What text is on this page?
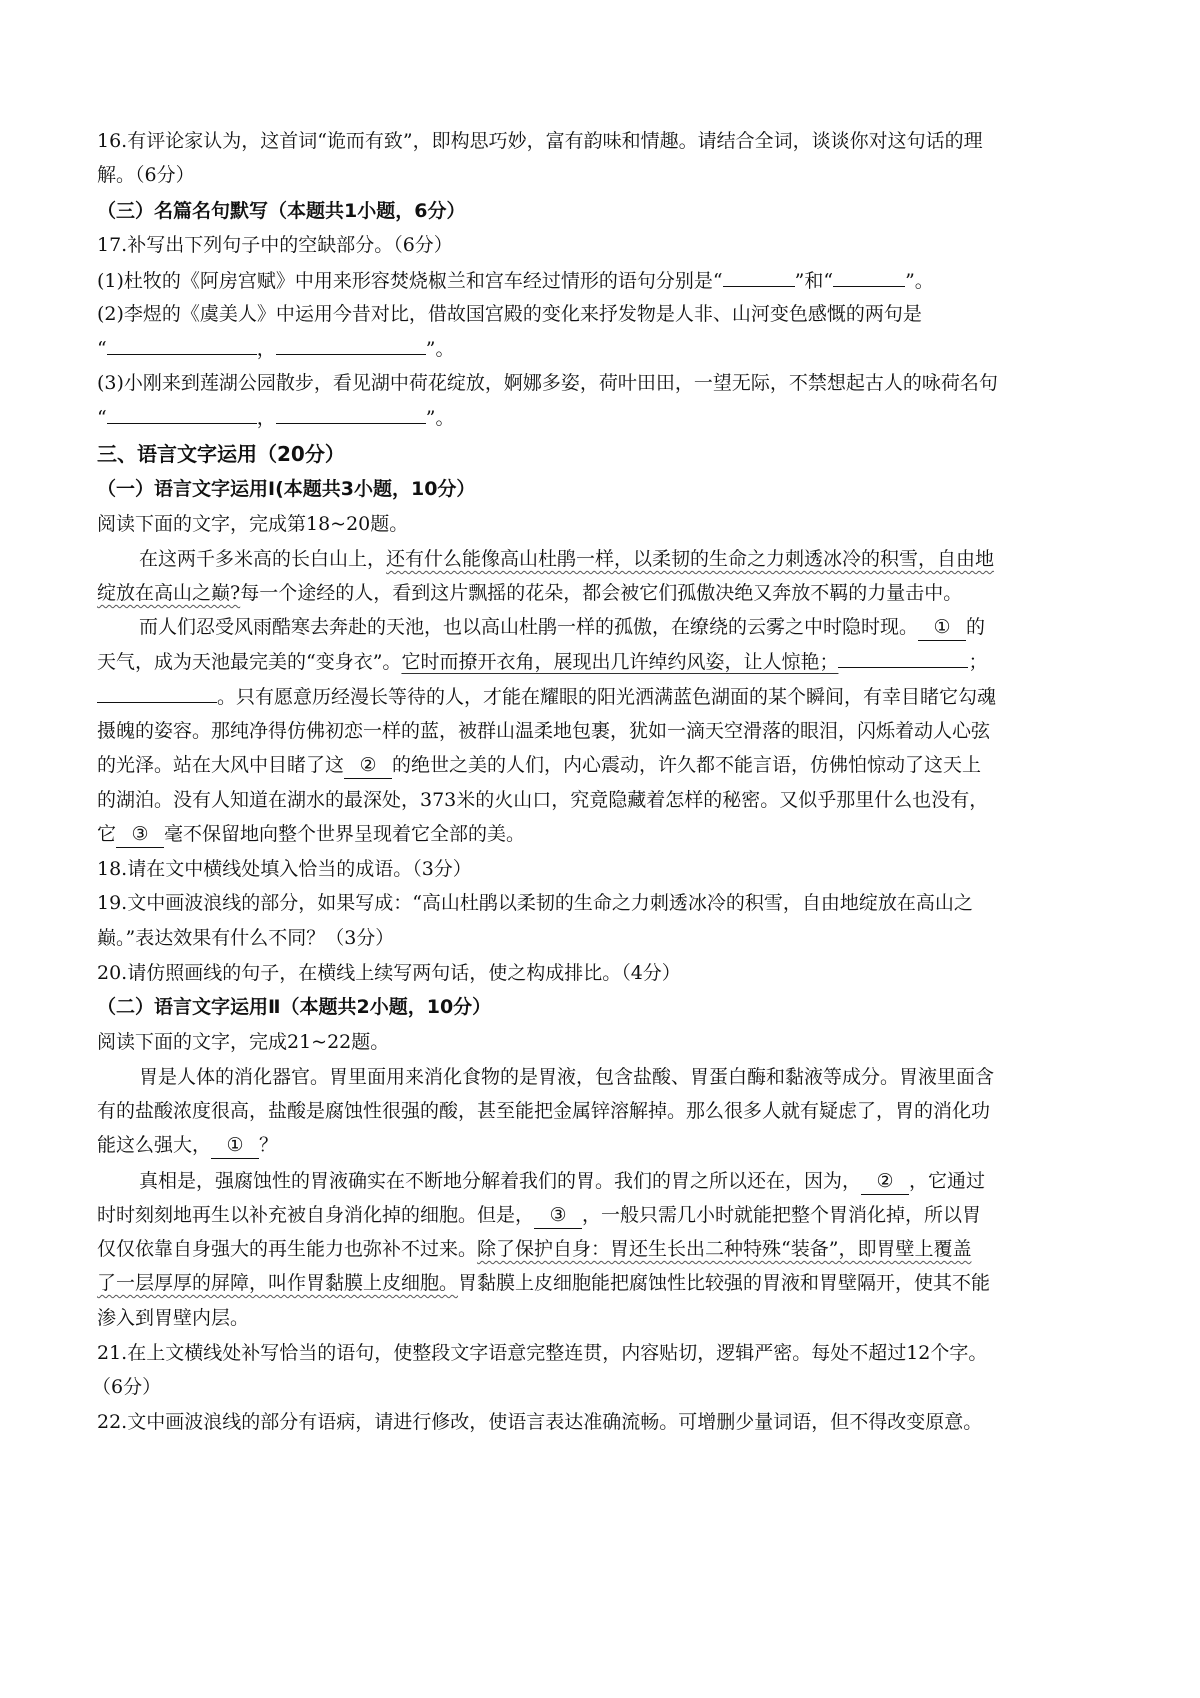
16.有评论家认为，这首词“诡而有致”，即构思巧妙，富有韵味和情趣。请结合全词，谈谈你对这句话的理
解。（6分）
（三）名篇名句默写（本题共1小题，6分）
17.补写出下列句子中的空缺部分。（6分）
(1)杜牧的《阿房宫赋》中用来形容焚烧椒兰和宫车经过情形的语句分别是“	”和“	”。
(2)李煜的《虞美人》中运用今昔对比，借故国宫殿的变化来抒发物是人非、山河变色感慨的两句是
“	，	”。
(3)小刚来到莲湖公园散步，看见湖中荷花绽放，婀娜多姿，荷叶田田，一望无际，不禁想起古人的咏荷名句
“	，	”。
三、语言文字运用（20分）
（一）语言文字运用Ⅰ(本题共3小题，10分）
阅读下面的文字，完成第18~20题。
在这两千多米高的长白山上，还有什么能像高山杜鹃一样，以柔韧的生命之力刺透冰冷的积雪，自由地
绽放在高山之巅?每一个途经的人，看到这片飘摇的花朵，都会被它们孤傲决绝又奔放不羁的力量击中。
而人们忍受风雨酷寒去奔赴的天池，也以高山杜鹃一样的孤傲，在缭绕的云雾之中时隐时现。 ① 的
天气，成为天池最完美的“变身衣”。它时而撩开衣角，展现出几许绰约风姿，让人惊艳；	；
。只有愿意历经漫长等待的人，才能在耀眼的阳光洒满蓝色湖面的某个瞬间，有幸目睹它勾魂
摄魄的姿容。那纯净得仿佛初恋一样的蓝，被群山温柔地包裹，犹如一滴天空滑落的眼泪，闪烁着动人心弦
的光泽。站在大风中目睹了这 ② 的绝世之美的人们，内心震动，许久都不能言语，仿佛怕惊动了这天上
的湖泊。没有人知道在湖水的最深处，373米的火山口，究竟隐藏着怎样的秘密。又似乎那里什么也没有，
它 ③ 毫不保留地向整个世界呈现着它全部的美。
18.请在文中横线处填入恰当的成语。（3分）
19.文中画波浪线的部分，如果写成：“高山杜鹃以柔韧的生命之力刺透冰冷的积雪，自由地绽放在高山之
巅。”表达效果有什么不同？（3分）
20.请仿照画线的句子，在横线上续写两句话，使之构成排比。（4分）
（二）语言文字运用Ⅱ（本题共2小题，10分）
阅读下面的文字，完成21~22题。
胃是人体的消化器官。胃里面用来消化食物的是胃液，包含盐酸、胃蛋白酶和黏液等成分。胃液里面含
有的盐酸浓度很高，盐酸是腐蚀性很强的酸，甚至能把金属锌溶解掉。那么很多人就有疑虑了，胃的消化功
能这么强大， ① ？
真相是，强腐蚀性的胃液确实在不断地分解着我们的胃。我们的胃之所以还在，因为， ② ，它通过
时时刻刻地再生以补充被自身消化掉的细胞。但是， ③ ，一般只需几小时就能把整个胃消化掉，所以胃
仅仅依靠自身强大的再生能力也弥补不过来。除了保护自身：胃还生长出二种特殊“装备”，即胃壁上覆盖
了一层厚厚的屏障，叫作胃黏膜上皮细胞。胃黏膜上皮细胞能把腐蚀性比较强的胃液和胃壁隔开，使其不能
渗入到胃壁内层。
21.在上文横线处补写恰当的语句，使整段文字语意完整连贯，内容贴切，逻辑严密。每处不超过12个字。
（6分）
22.文中画波浪线的部分有语病，请进行修改，使语言表达准确流畅。可增删少量词语，但不得改变原意。
